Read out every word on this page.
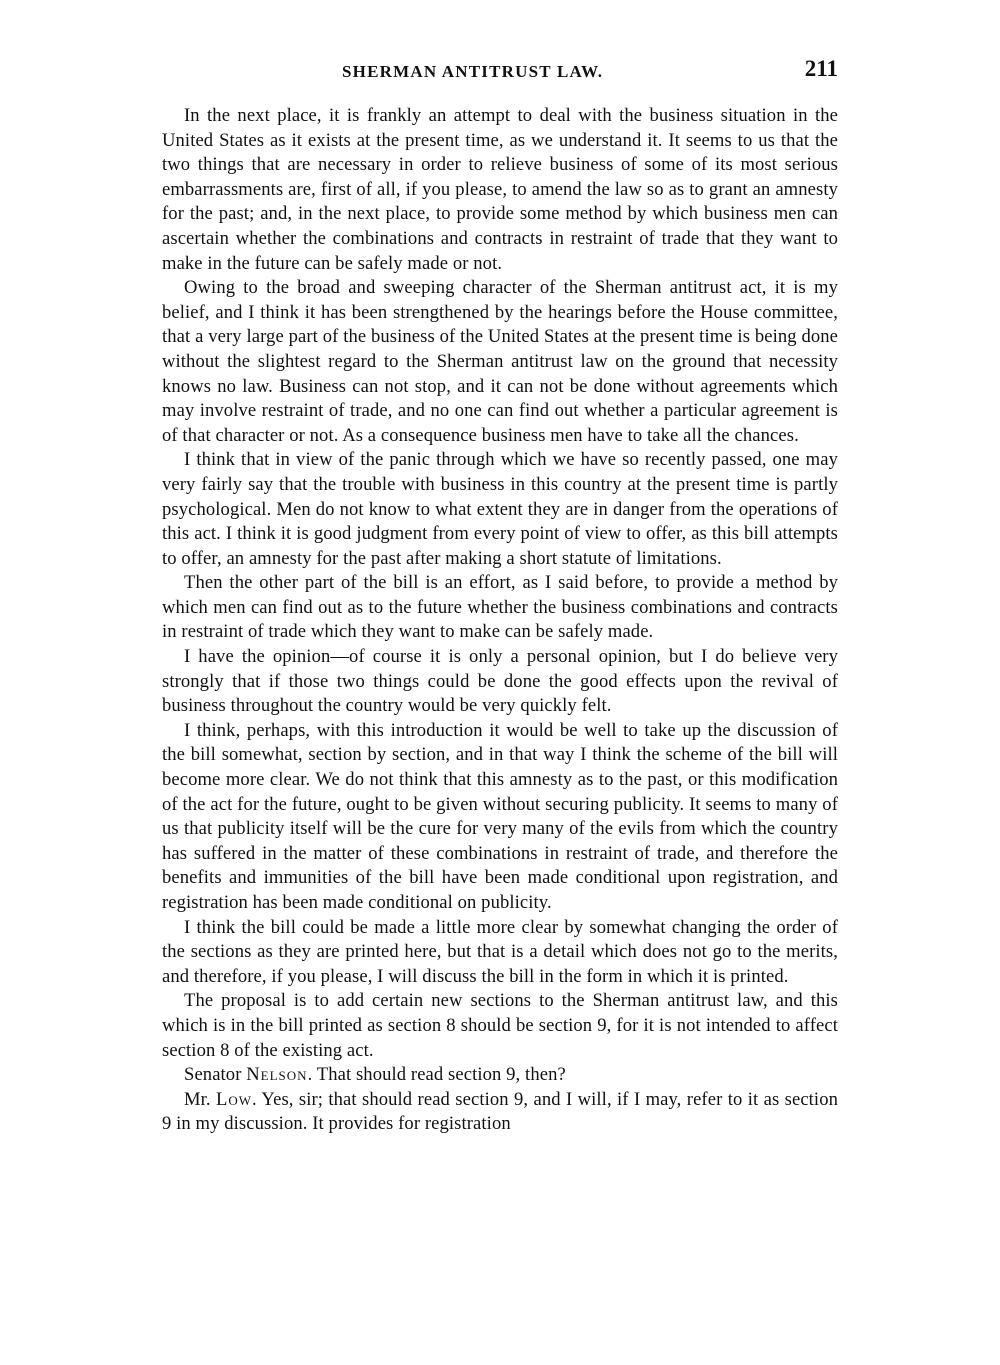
SHERMAN ANTITRUST LAW.	211

In the next place, it is frankly an attempt to deal with the business situation in the United States as it exists at the present time, as we understand it. It seems to us that the two things that are necessary in order to relieve business of some of its most serious embarrassments are, first of all, if you please, to amend the law so as to grant an amnesty for the past; and, in the next place, to provide some method by which business men can ascertain whether the combinations and contracts in restraint of trade that they want to make in the future can be safely made or not.

Owing to the broad and sweeping character of the Sherman antitrust act, it is my belief, and I think it has been strengthened by the hearings before the House committee, that a very large part of the business of the United States at the present time is being done without the slightest regard to the Sherman antitrust law on the ground that necessity knows no law. Business can not stop, and it can not be done without agreements which may involve restraint of trade, and no one can find out whether a particular agreement is of that character or not. As a consequence business men have to take all the chances.

I think that in view of the panic through which we have so recently passed, one may very fairly say that the trouble with business in this country at the present time is partly psychological. Men do not know to what extent they are in danger from the operations of this act. I think it is good judgment from every point of view to offer, as this bill attempts to offer, an amnesty for the past after making a short statute of limitations.

Then the other part of the bill is an effort, as I said before, to provide a method by which men can find out as to the future whether the business combinations and contracts in restraint of trade which they want to make can be safely made.

I have the opinion—of course it is only a personal opinion, but I do believe very strongly that if those two things could be done the good effects upon the revival of business throughout the country would be very quickly felt.

I think, perhaps, with this introduction it would be well to take up the discussion of the bill somewhat, section by section, and in that way I think the scheme of the bill will become more clear. We do not think that this amnesty as to the past, or this modification of the act for the future, ought to be given without securing publicity. It seems to many of us that publicity itself will be the cure for very many of the evils from which the country has suffered in the matter of these combinations in restraint of trade, and therefore the benefits and immunities of the bill have been made conditional upon registration, and registration has been made conditional on publicity.

I think the bill could be made a little more clear by somewhat changing the order of the sections as they are printed here, but that is a detail which does not go to the merits, and therefore, if you please, I will discuss the bill in the form in which it is printed.

The proposal is to add certain new sections to the Sherman antitrust law, and this which is in the bill printed as section 8 should be section 9, for it is not intended to affect section 8 of the existing act.

Senator Nelson. That should read section 9, then?

Mr. Low. Yes, sir; that should read section 9, and I will, if I may, refer to it as section 9 in my discussion. It provides for registration
